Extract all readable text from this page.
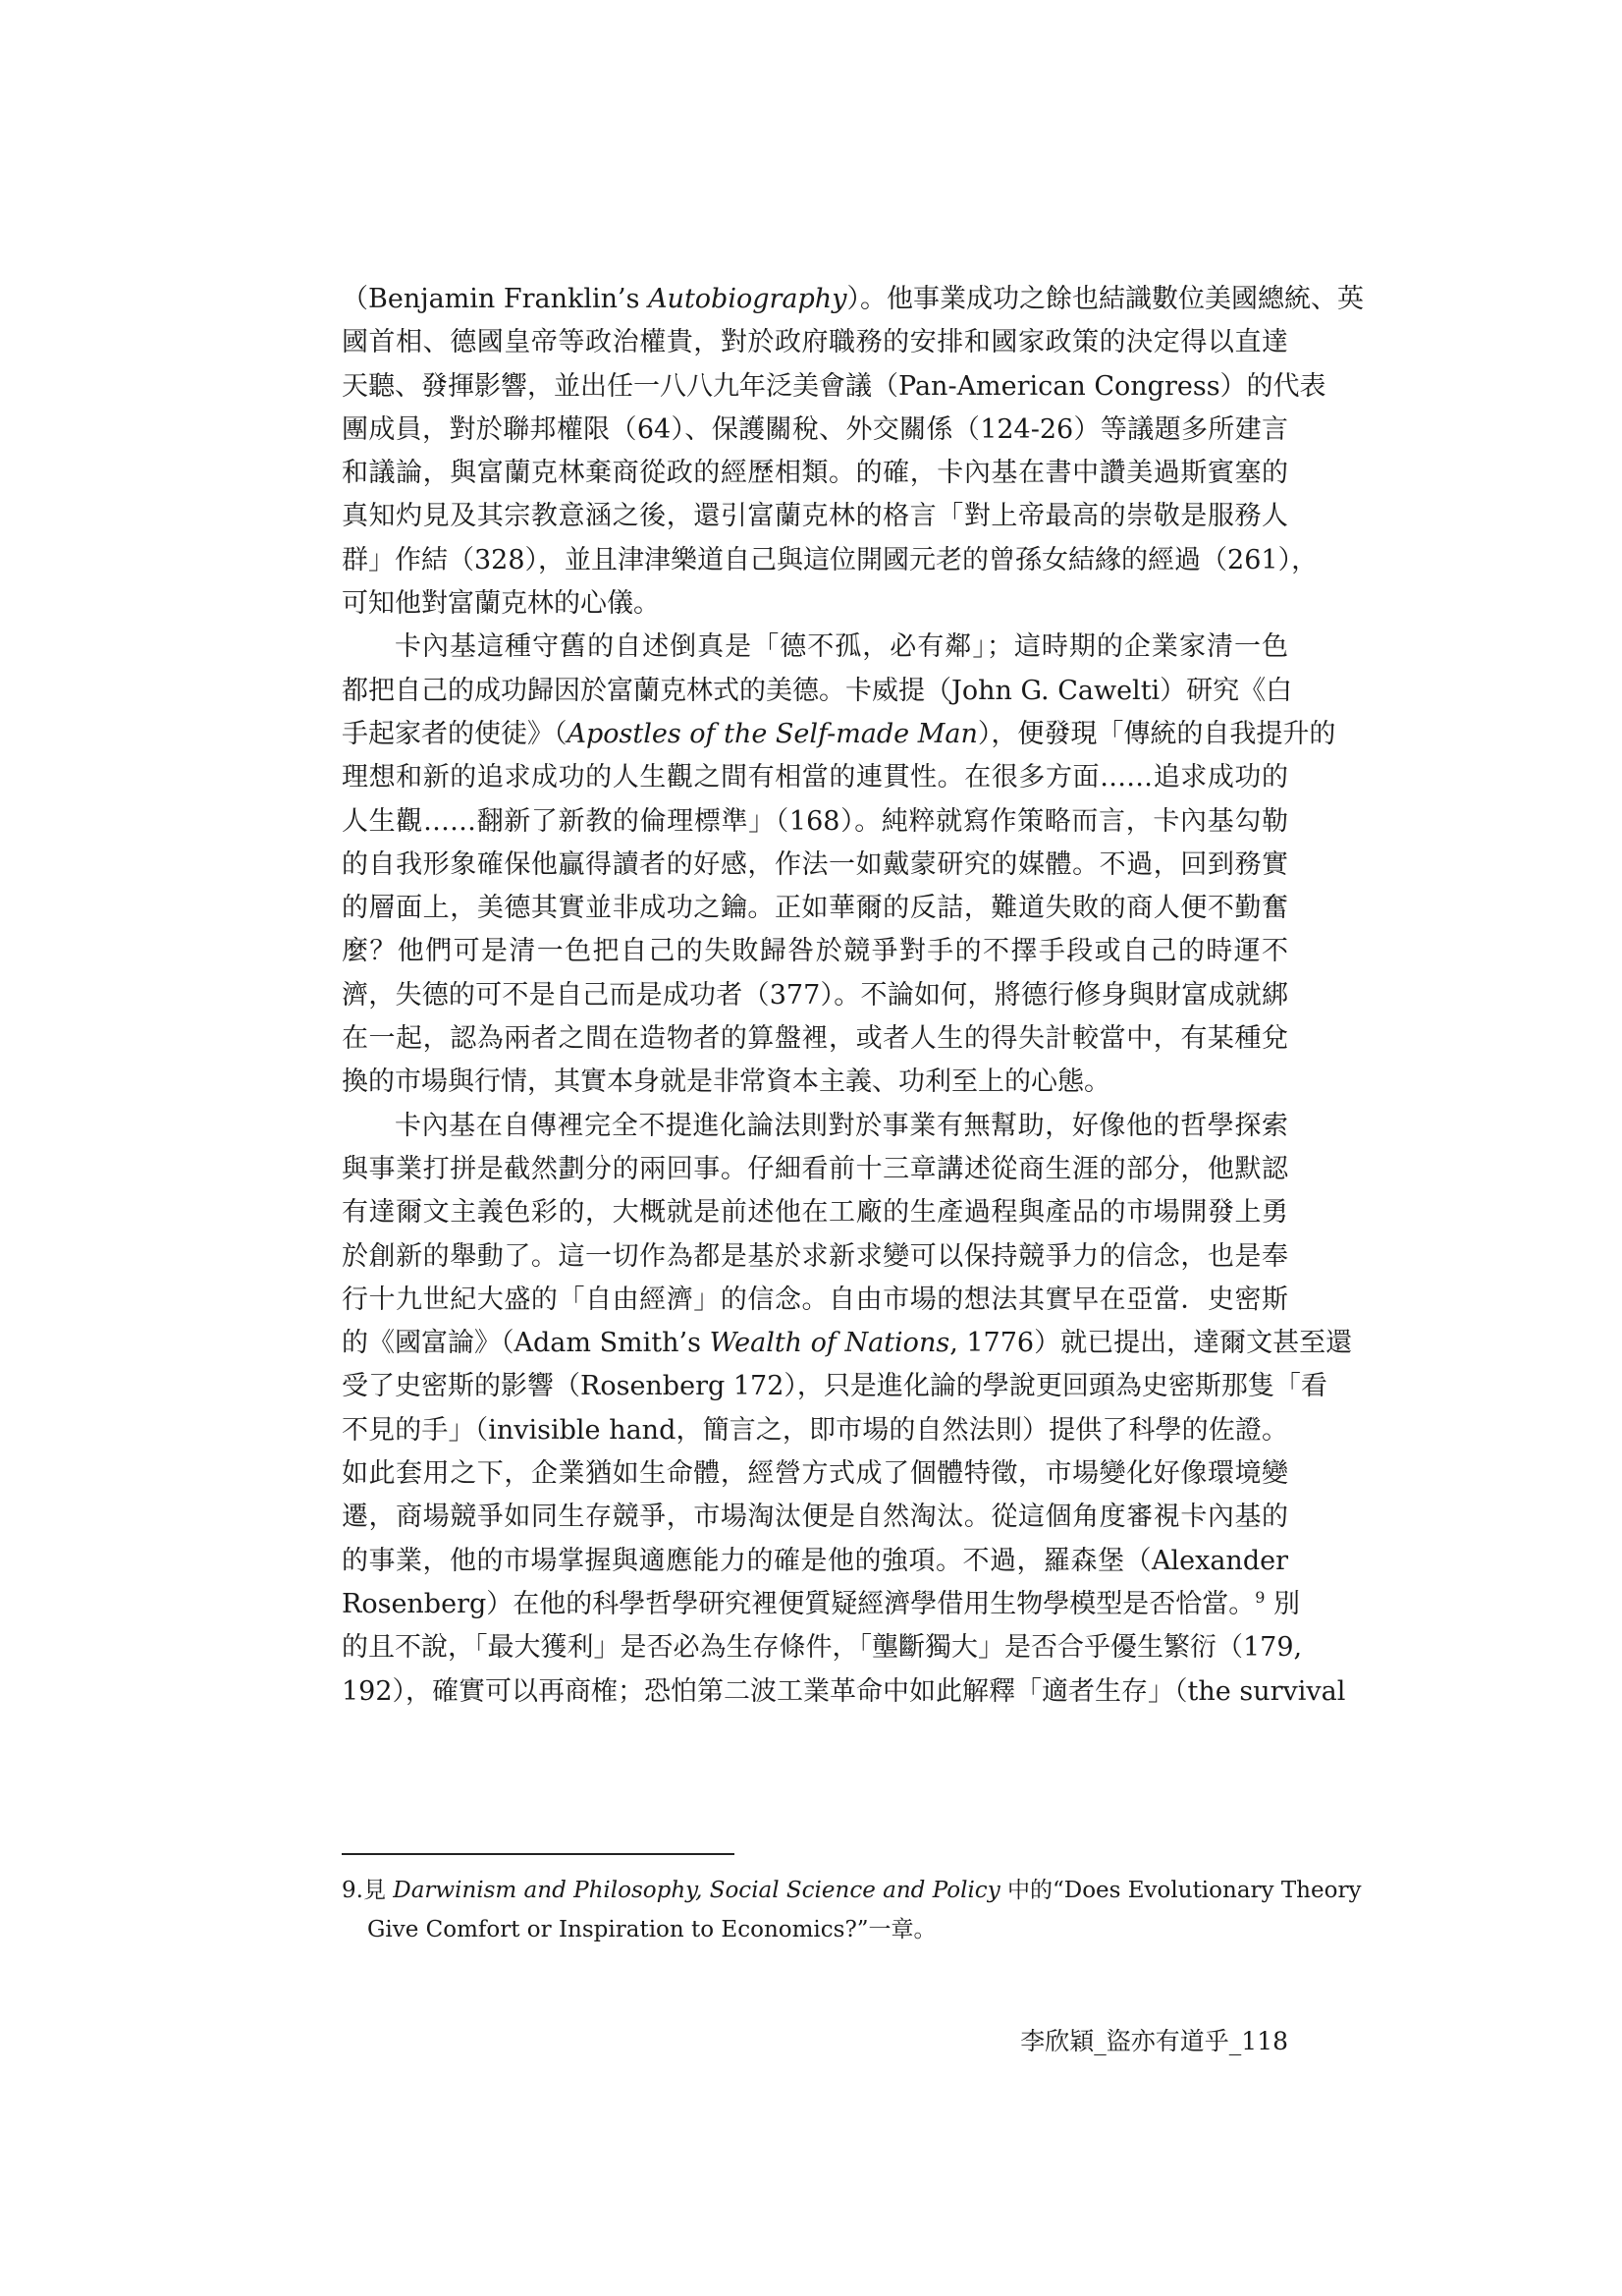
（Benjamin Franklin’s Autobiography）。他事業成功之餘也結識數位美國總統、英
國首相、德國皇帝等政治權貴，對於政府職務的安排和國家政策的決定得以直達
天聽、發揮影響，並出任一八八九年泛美會議（Pan-American Congress）的代表
團成員，對於聯邦權限（64）、保護關稅、外交關係（124-26）等議題多所建言
和議論，與富蘭克林棄商從政的經歷相類。的確，卡內基在書中讚美過斯賓塞的
真知灼見及其宗教意涵之後，還引富蘭克林的格言「對上帝最高的崇敬是服務人
群」作結（328），並且津津樂道自己與這位開國元老的曾孫女結緣的經過（261），
可知他對富蘭克林的心儀。
卡內基這種守舊的自述倒真是「德不孤，必有鄰」；這時期的企業家清一色
都把自己的成功歸因於富蘭克林式的美德。卡威提（John G. Cawelti）研究《白
手起家者的使徒》（Apostles of the Self-made Man），便發現「傳統的自我提升的
理想和新的追求成功的人生觀之間有相當的連貫性。在很多方面……追求成功的
人生觀……翻新了新教的倫理標準」（168）。純粹就寫作策略而言，卡內基勾勒
的自我形象確保他贏得讀者的好感，作法一如戴蒙研究的媒體。不過，回到務實
的層面上，美德其實並非成功之鑰。正如華爾的反詰，難道失敗的商人便不勤奮
麼？他們可是清一色把自己的失敗歸咎於競爭對手的不擇手段或自己的時運不
濟，失德的可不是自己而是成功者（377）。不論如何，將德行修身與財富成就綁
在一起，認為兩者之間在造物者的算盤裡，或者人生的得失計較當中，有某種兌
換的市場與行情，其實本身就是非常資本主義、功利至上的心態。
卡內基在自傳裡完全不提進化論法則對於事業有無幫助，好像他的哲學探索
與事業打拼是截然劃分的兩回事。仔細看前十三章講述從商生涯的部分，他默認
有達爾文主義色彩的，大概就是前述他在工廠的生產過程與產品的市場開發上勇
於創新的舉動了。這一切作為都是基於求新求變可以保持競爭力的信念，也是奉
行十九世紀大盛的「自由經濟」的信念。自由市場的想法其實早在亞當．史密斯
的《國富論》（Adam Smith’s Wealth of Nations, 1776）就已提出，達爾文甚至還
受了史密斯的影響（Rosenberg 172），只是進化論的學說更回頭為史密斯那隻「看
不見的手」（invisible hand，簡言之，即市場的自然法則）提供了科學的佐證。
如此套用之下，企業猶如生命體，經營方式成了個體特徵，市場變化好像環境變
遷，商場競爭如同生存競爭，市場淘汰便是自然淘汰。從這個角度審視卡內基的
的事業，他的市場掌握與適應能力的確是他的強項。不過，羅森堡（Alexander
Rosenberg）在他的科學哲學研究裡便質疑經濟學借用生物學模型是否恰當。$^9$ 別
的且不說，「最大獲利」是否必為生存條件，「壟斷獨大」是否合乎優生繁衍（179,
192），確實可以再商榷；恐怕第二波工業革命中如此解釋「適者生存」（the survival
9.見 Darwinism and Philosophy, Social Science and Policy 中的“Does Evolutionary Theory
Give Comfort or Inspiration to Economics?”一章。
李欣穎_盜亦有道乎_118
